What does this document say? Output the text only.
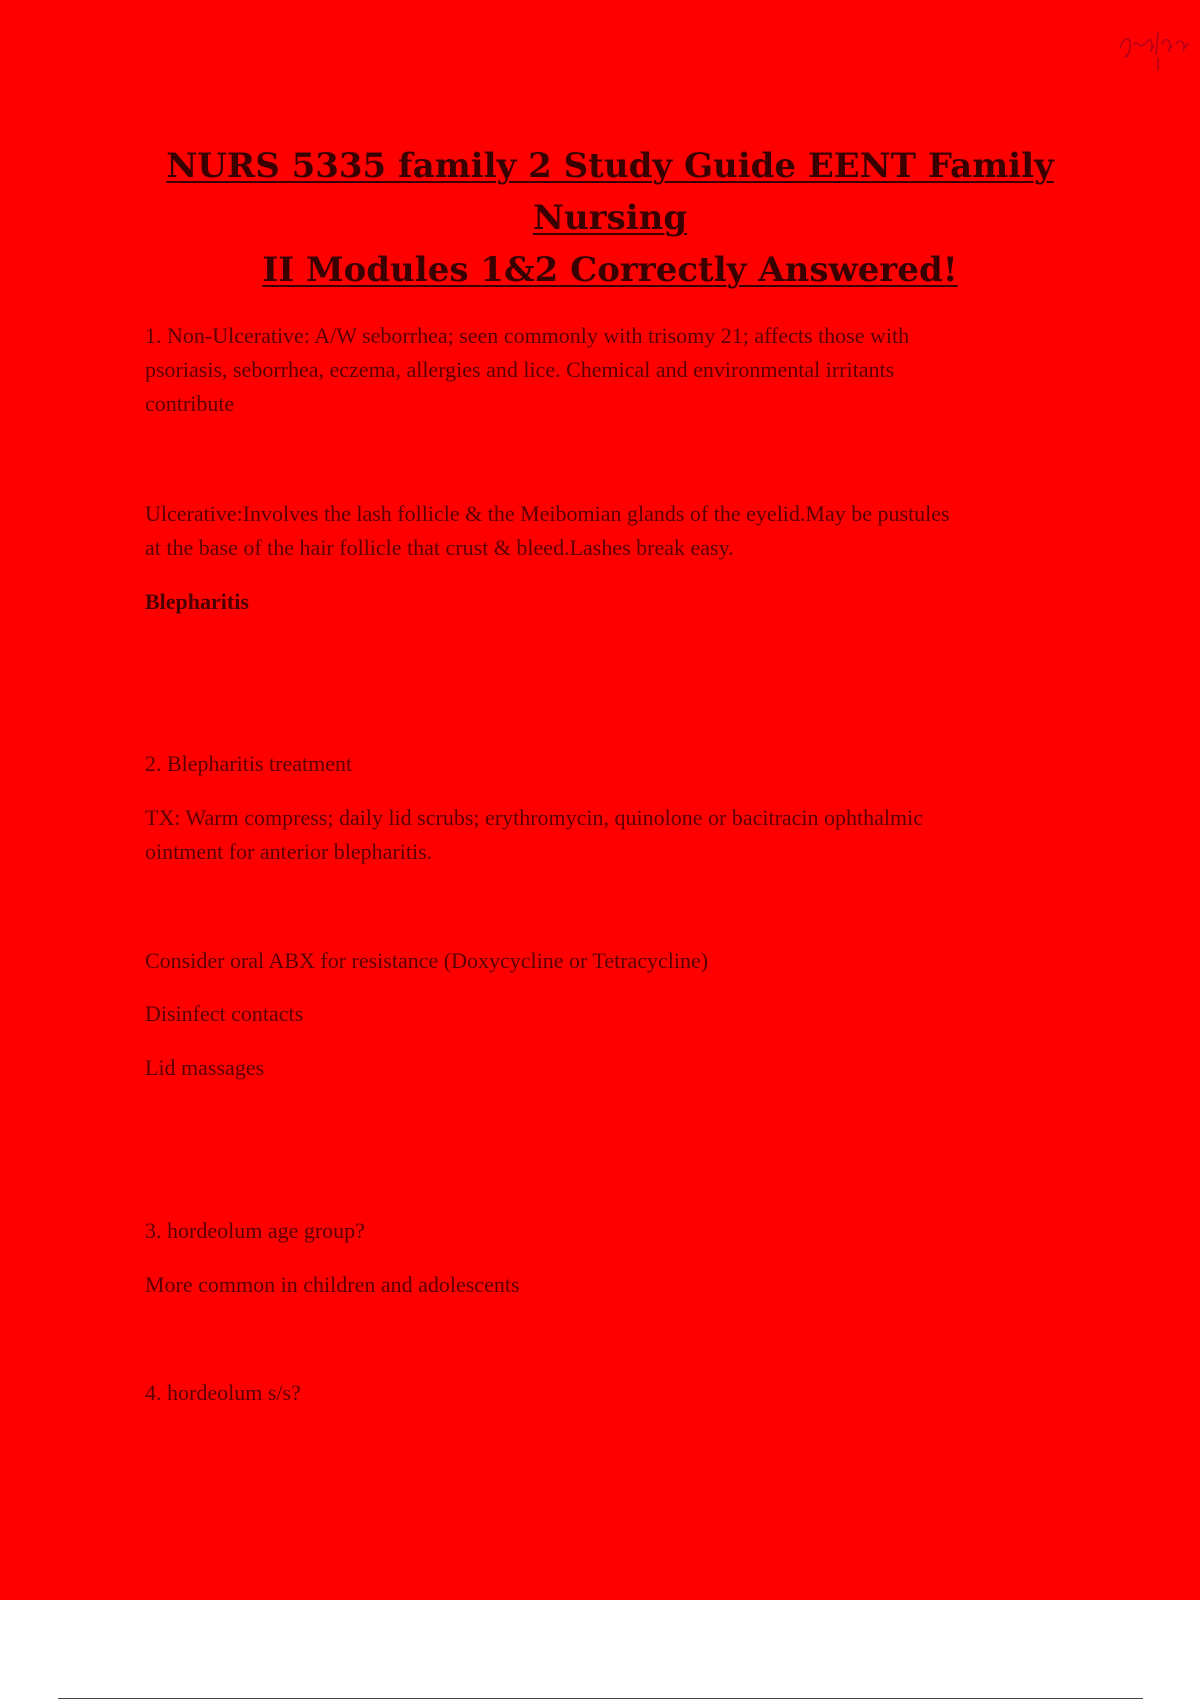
NURS 5335 family 2 Study Guide EENT Family Nursing
II Modules 1&2 Correctly Answered!

1. Non-Ulcerative: A/W seborrhea; seen commonly with trisomy 21; affects those with

psoriasis, seborrhea, eczema, allergies and lice. Chemical and environmental irritants

contribute

Ulcerative:Involves the lash follicle & the Meibomian glands of the eyelid.May be pustules

at the base of the hair follicle that crust & bleed.Lashes break easy.

Blepharitis

2. Blepharitis treatment

TX: Warm compress; daily lid scrubs; erythromycin, quinolone or bacitracin ophthalmic

ointment for anterior blepharitis.

Consider oral ABX for resistance (Doxycycline or Tetracycline)

Disinfect contacts

Lid massages

3. hordeolum age group?

More common in children and adolescents

4. hordeolum s/s?
